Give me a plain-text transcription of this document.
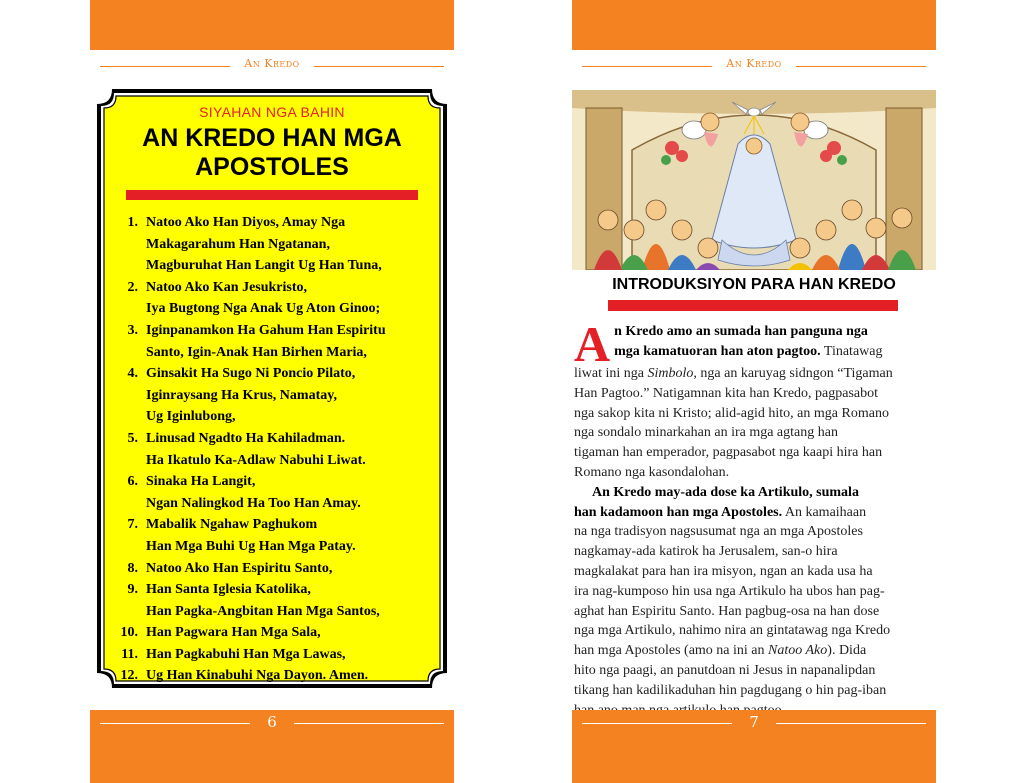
An Kredo
SIYAHAN NGA BAHIN
AN KREDO HAN MGA
APOSTOLES
1. Natoo Ako Han Diyos, Amay Nga
Makagarahum Han Ngatanan,
Magburuhat Han Langit Ug Han Tuna,
2. Natoo Ako Kan Jesukristo,
Iya Bugtong Nga Anak Ug Aton Ginoo;
3. Iginpanamkon Ha Gahum Han Espiritu
Santo, Igin-Anak Han Birhen Maria,
4. Ginsakit Ha Sugo Ni Poncio Pilato,
Iginraysang Ha Krus, Namatay,
Ug Iginlubong,
5. Linusad Ngadto Ha Kahiladman.
Ha Ikatulo Ka-Adlaw Nabuhi Liwat.
6. Sinaka Ha Langit,
Ngan Nalingkod Ha Too Han Amay.
7. Mabalik Ngahaw Paghukom
Han Mga Buhi Ug Han Mga Patay.
8. Natoo Ako Han Espiritu Santo,
9. Han Santa Iglesia Katolika,
Han Pagka-Angbitan Han Mga Santos,
10. Han Pagwara Han Mga Sala,
11. Han Pagkabuhi Han Mga Lawas,
12. Ug Han Kinabuhi Nga Dayon. Amen.
6
An Kredo
INTRODUKSIYON PARA HAN KREDO
A n Kredo amo an sumada han panguna nga
mga kamatuoran han aton pagtoo. Tinatawag
liwat ini nga Simbolo, nga an karuyag sidngon “Tigaman
Han Pagtoo.” Natigamnan kita han Kredo, pagpasabot
nga sakop kita ni Kristo; alid-agid hito, an mga Romano
nga sondalo minarkahan an ira mga agtang han
tigaman han emperador, pagpasabot nga kaapi hira han
Romano nga kasondalohan.
An Kredo may-ada dose ka Artikulo, sumala
han kadamoon han mga Apostoles. An kamaihaan
na nga tradisyon nagsusumat nga an mga Apostoles
nagkamay-ada katirok ha Jerusalem, san-o hira
magkalakat para han ira misyon, ngan an kada usa ha
ira nag-kumposo hin usa nga Artikulo ha ubos han pag-
aghat han Espiritu Santo. Han pagbug-osa na han dose
nga mga Artikulo, nahimo nira an gintatawag nga Kredo
han mga Apostoles (amo na ini an Natoo Ako). Dida
hito nga paagi, an panutdoan ni Jesus in napanalipdan
tikang han kadilikaduhan hin pagdugang o hin pag-iban
7
